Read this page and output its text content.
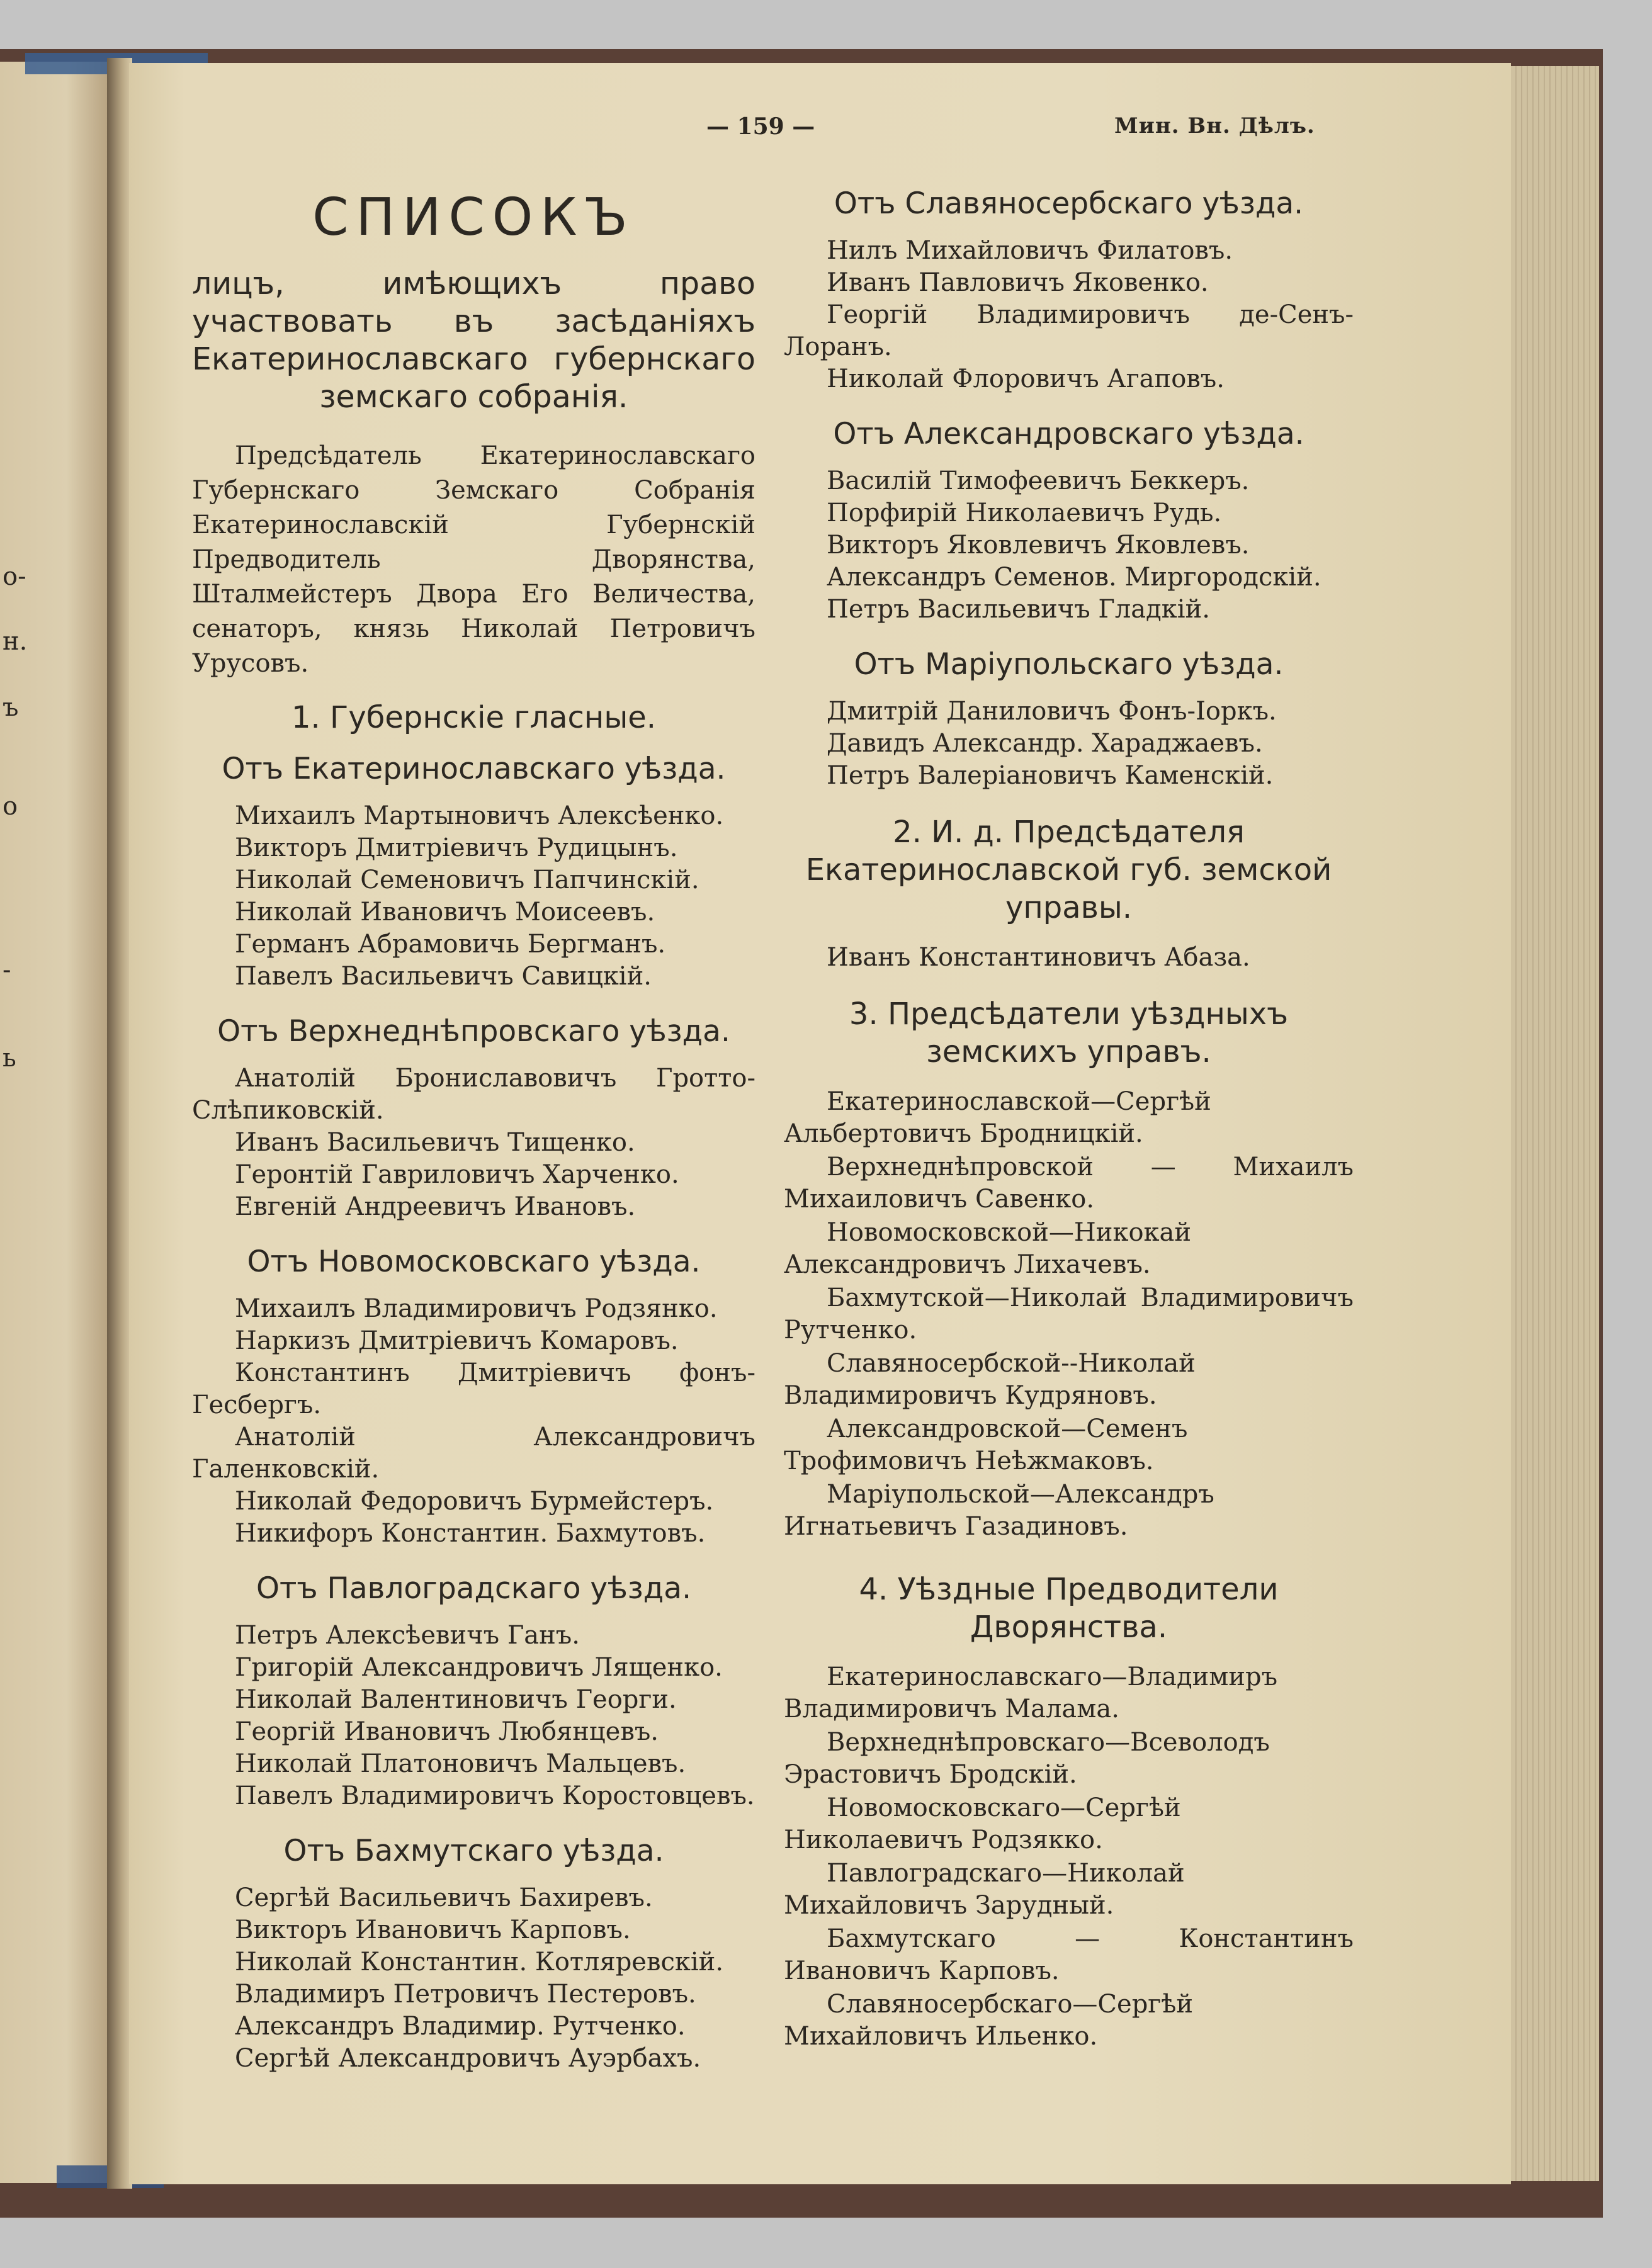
о-
н.
ъ
о
-
ь
— 159 —	Мин. Вн. Дѣлъ.
СПИСОКЪ
лицъ, имѣющихъ право участвовать въ засѣданіяхъ Екатеринославскаго губернскаго земскаго собранія.
Предсѣдатель Екатеринославскаго Губернскаго Земскаго Собранія Екатеринославскій Губернскій Предводитель Дворянства, Шталмейстеръ Двора Его Величества, сенаторъ, князь Николай Петровичъ Урусовъ.
1. Губернскіе гласные.
Отъ Екатеринославскаго уѣзда.
Михаилъ Мартыновичъ Алексѣенко.
Викторъ Дмитріевичъ Рудицынъ.
Николай Семеновичъ Папчинскій.
Николай Ивановичъ Моисеевъ.
Германъ Абрамовичь Бергманъ.
Павелъ Васильевичъ Савицкій.
Отъ Верхнеднѣпровскаго уѣзда.
Анатолій Брониславовичъ Гротто-Слѣпиковскій.
Иванъ Васильевичъ Тищенко.
Геронтій Гавриловичъ Харченко.
Евгеній Андреевичъ Ивановъ.
Отъ Новомосковскаго уѣзда.
Михаилъ Владимировичъ Родзянко.
Наркизъ Дмитріевичъ Комаровъ.
Константинъ Дмитріевичъ фонъ-Гесбергъ.
Анатолій Александровичъ Галенковскій.
Николай Федоровичъ Бурмейстеръ.
Никифоръ Константин. Бахмутовъ.
Отъ Павлоградскаго уѣзда.
Петръ Алексѣевичъ Ганъ.
Григорій Александровичъ Лященко.
Николай Валентиновичъ Георги.
Георгій Ивановичъ Любянцевъ.
Николай Платоновичъ Мальцевъ.
Павелъ Владимировичъ Коростовцевъ.
Отъ Бахмутскаго уѣзда.
Сергѣй Васильевичъ Бахиревъ.
Викторъ Ивановичъ Карповъ.
Николай Константин. Котляревскій.
Владимиръ Петровичъ Пестеровъ.
Александръ Владимир. Рутченко.
Сергѣй Александровичъ Ауэрбахъ.
Отъ Славяносербскаго уѣзда.
Нилъ Михайловичъ Филатовъ.
Иванъ Павловичъ Яковенко.
Георгій Владимировичъ де-Сенъ-Лоранъ.
Николай Флоровичъ Агаповъ.
Отъ Александровскаго уѣзда.
Василій Тимофеевичъ Беккеръ.
Порфирій Николаевичъ Рудь.
Викторъ Яковлевичъ Яковлевъ.
Александръ Семенов. Миргородскій.
Петръ Васильевичъ Гладкій.
Отъ Маріупольскаго уѣзда.
Дмитрій Даниловичъ Фонъ-Іоркъ.
Давидъ Александр. Хараджаевъ.
Петръ Валеріановичъ Каменскій.
2. И. д. Предсѣдателя Екатеринославской губ. земской управы.
Иванъ Константиновичъ Абаза.
3. Предсѣдатели уѣздныхъ земскихъ управъ.
Екатеринославской—Сергѣй Альбертовичъ Бродницкій.
Верхнеднѣпровской — Михаилъ Михаиловичъ Савенко.
Новомосковской—Никокай Александровичъ Лихачевъ.
Бахмутской—Николай Владимировичъ Рутченко.
Славяносербской--Николай Владимировичъ Кудряновъ.
Александровской—Семенъ Трофимовичъ Неѣжмаковъ.
Маріупольской—Александръ Игнатьевичъ Газадиновъ.
4. Уѣздные Предводители Дворянства.
Екатеринославскаго—Владимиръ Владимировичъ Малама.
Верхнеднѣпровскаго—Всеволодъ Эрастовичъ Бродскій.
Новомосковскаго—Сергѣй Николаевичъ Родзякко.
Павлоградскаго—Николай Михайловичъ Зарудный.
Бахмутскаго — Константинъ Ивановичъ Карповъ.
Славяносербскаго—Сергѣй Михайловичъ Ильенко.
